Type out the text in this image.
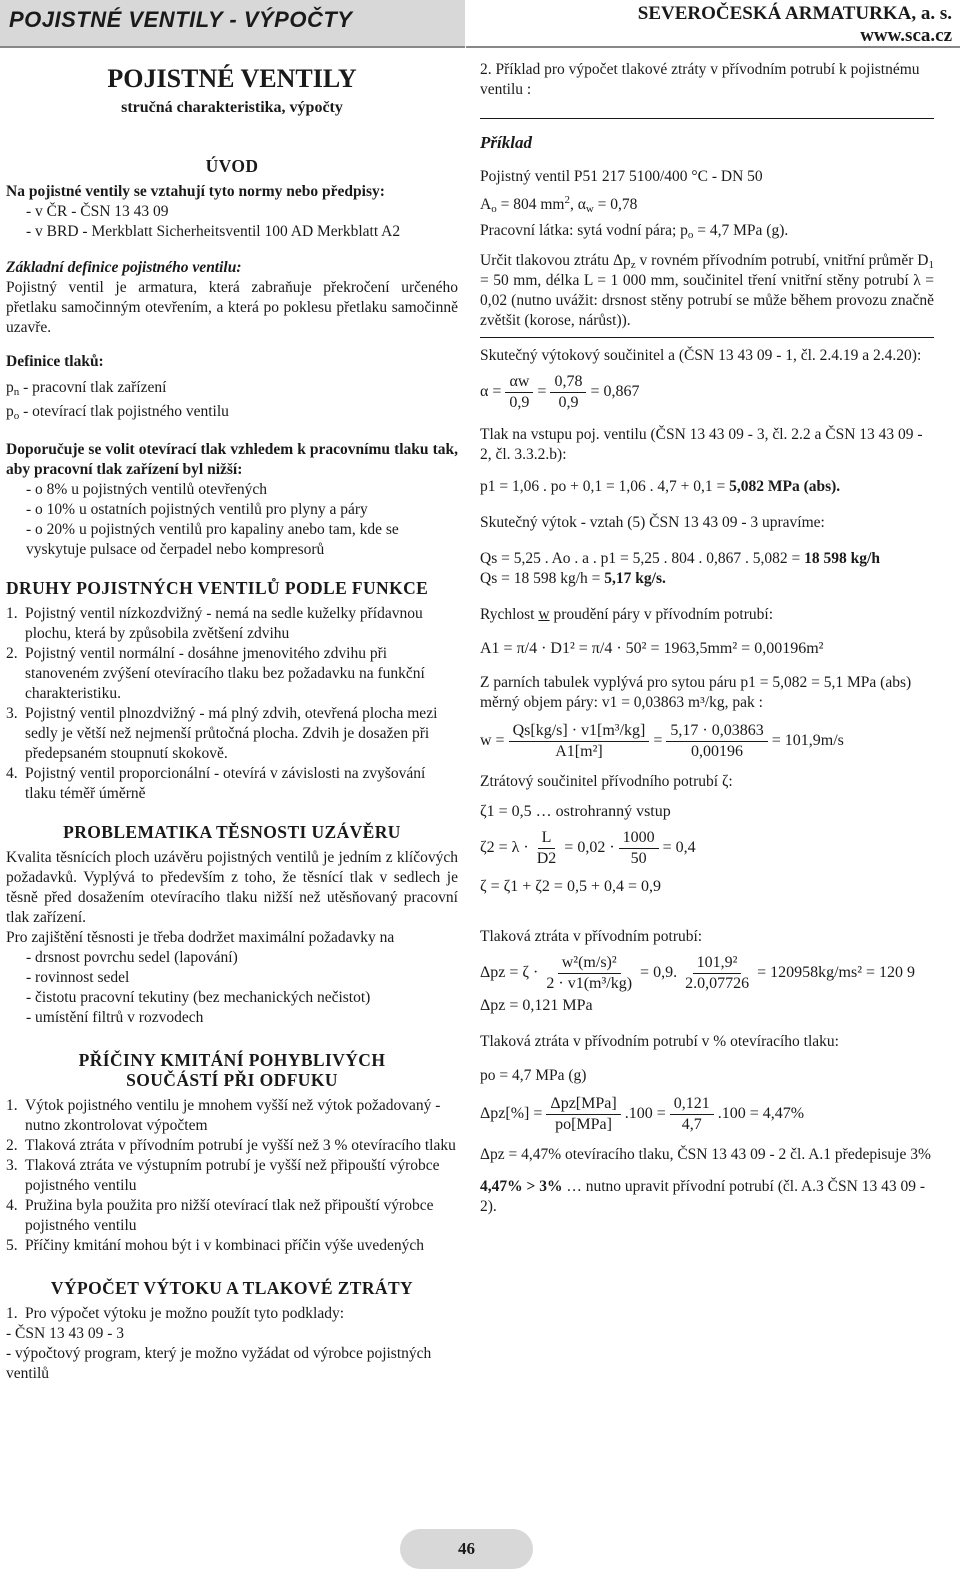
POJISTNÉ VENTILY - VÝPOČTY	SEVEROČESKÁ ARMATURKA, a. s.
www.sca.cz
POJISTNÉ VENTILY
stručná charakteristika, výpočty
ÚVOD
Na pojistné ventily se vztahují tyto normy nebo předpisy:
- v ČR - ČSN 13 43 09
- v BRD - Merkblatt Sicherheitsventil 100 AD Merkblatt A2
Základní definice pojistného ventilu:
Pojistný ventil je armatura, která zabraňuje překročení určeného přetlaku samočinným otevřením, a která po poklesu přetlaku samočinně uzavře.
Definice tlaků:
$p_n$ - pracovní tlak zařízení
$p_o$ - otevírací tlak pojistného ventilu
Doporučuje se volit otevírací tlak vzhledem k pracovnímu tlaku tak, aby pracovní tlak zařízení byl nižší:
- o 8% u pojistných ventilů otevřených
- o 10% u ostatních pojistných ventilů pro plyny a páry
- o 20% u pojistných ventilů pro kapaliny anebo tam, kde se vyskytuje pulsace od čerpadel nebo kompresorů
DRUHY POJISTNÝCH VENTILŮ PODLE FUNKCE
1. Pojistný ventil nízkozdvižný - nemá na sedle kuželky přídavnou plochu, která by způsobila zvětšení zdvihu
2. Pojistný ventil normální - dosáhne jmenovitého zdvihu při stanoveném zvýšení otevíracího tlaku bez požadavku na funkční charakteristiku.
3. Pojistný ventil plnozdvižný - má plný zdvih, otevřená plocha mezi sedly je větší než nejmenší průtočná plocha. Zdvih je dosažen při předepsaném stoupnutí skokově.
4. Pojistný ventil proporcionální - otevírá v závislosti na zvyšování tlaku téměř úměrně
PROBLEMATIKA TĚSNOSTI UZÁVĚRU
Kvalita těsnících ploch uzávěru pojistných ventilů je jedním z klíčových požadavků. Vyplývá to především z toho, že těsnící tlak v sedlech je těsně před dosažením otevíracího tlaku nižší než utěsňovaný pracovní tlak zařízení.
Pro zajištění těsnosti je třeba dodržet maximální požadavky na
- drsnost povrchu sedel (lapování)
- rovinnost sedel
- čistotu pracovní tekutiny (bez mechanických nečistot)
- umístění filtrů v rozvodech
PŘÍČINY KMITÁNÍ POHYBLIVÝCH
SOUČÁSTÍ PŘI ODFUKU
1. Výtok pojistného ventilu je mnohem vyšší než výtok požadovaný - nutno zkontrolovat výpočtem
2. Tlaková ztráta v přívodním potrubí je vyšší než 3 % otevíracího tlaku
3. Tlaková ztráta ve výstupním potrubí je vyšší než připouští výrobce pojistného ventilu
4. Pružina byla použita pro nižší otevírací tlak než připouští výrobce pojistného ventilu
5. Příčiny kmitání mohou být i v kombinaci příčin výše uvedených
VÝPOČET VÝTOKU A TLAKOVÉ ZTRÁTY
1. Pro výpočet výtoku je možno použít tyto podklady:
- ČSN 13 43 09 - 3
- výpočtový program, který je možno vyžádat od výrobce pojistných ventilů
2. Příklad pro výpočet tlakové ztráty v přívodním potrubí k pojistnému ventilu :
Příklad
Pojistný ventil P51 217 5100/400 °C - DN 50
$A_o = 804$ $mm^2$, $\alpha_w = 0,78$
Pracovní látka: sytá vodní pára; $p_o = 4,7$ MPa (g).
Určit tlakovou ztrátu $\Delta p_z$ v rovném přívodním potrubí, vnitřní průměr $D_1 = 50$ mm, délka L = 1 000 mm, součinitel tření vnitřní stěny potrubí λ = 0,02 (nutno uvážit: drsnost stěny potrubí se může během provozu značně zvětšit (korose, nárůst)).
Skutečný výtokový součinitel a (ČSN 13 43 09 - 1, čl. 2.4.19 a 2.4.20):
$\alpha = \frac{\alpha w}{0,9} = \frac{0,78}{0,9} = 0,867$
Tlak na vstupu poj. ventilu (ČSN 13 43 09 - 3, čl. 2.2 a ČSN 13 43 09 - 2, čl. 3.3.2.b):
p1 = 1,06 . po + 0,1 = 1,06 . 4,7 + 0,1 = 5,082 MPa (abs).
Skutečný výtok - vztah (5) ČSN 13 43 09 - 3 upravíme:
Qs = 5,25 . Ao . a . p1 = 5,25 . 804 . 0,867 . 5,082 = 18 598 kg/h
Qs = 18 598 kg/h = 5,17 kg/s.
Rychlost w proudění páry v přívodním potrubí:
A1 = π/4 · D1² = π/4 · 50² = 1963,5mm² = 0,00196m²
Z parních tabulek vyplývá pro sytou páru p1 = 5,082 = 5,1 MPa (abs) měrný objem páry: v1 = 0,03863 m³/kg, pak :
$w = \frac{\text{Qs[kg/s] · v1[m³/kg]}}{\text{A1[m²]}} = \frac{5,17 \cdot 0,03863}{0,00196} = 101,9m/s$
Ztrátový součinitel přívodního potrubí ζ:
ζ1 = 0,5 … ostrohranný vstup
$\zeta 2 = \lambda \cdot \frac{L}{D2} = 0,02 \cdot \frac{1000}{50} = 0,4$
ζ = ζ1 + ζ2 = 0,5 + 0,4 = 0,9
Tlaková ztráta v přívodním potrubí:
$\Delta pz = \zeta \cdot \frac{\text{w²(m/s)²}}{\text{2 · v1(m³/kg)}} = 0,9$. $\frac{\text{101,9²}}{2.0,07726} = 120958kg/ms^2 = 120$ 9
Δpz = 0,121 MPa
Tlaková ztráta v přívodním potrubí v % otevíracího tlaku:
po = 4,7 MPa (g)
$\Delta pz[\%] = \frac{\text{Δpz[MPa]}}{\text{po[MPa]}} .100 = \frac{0,121}{4,7} .100 = 4,47\%$
Δpz = 4,47% otevíracího tlaku, ČSN 13 43 09 - 2 čl. A.1 předepisuje 3%
4,47% > 3% … nutno upravit přívodní potrubí (čl. A.3 ČSN 13 43 09 - 2).
46
